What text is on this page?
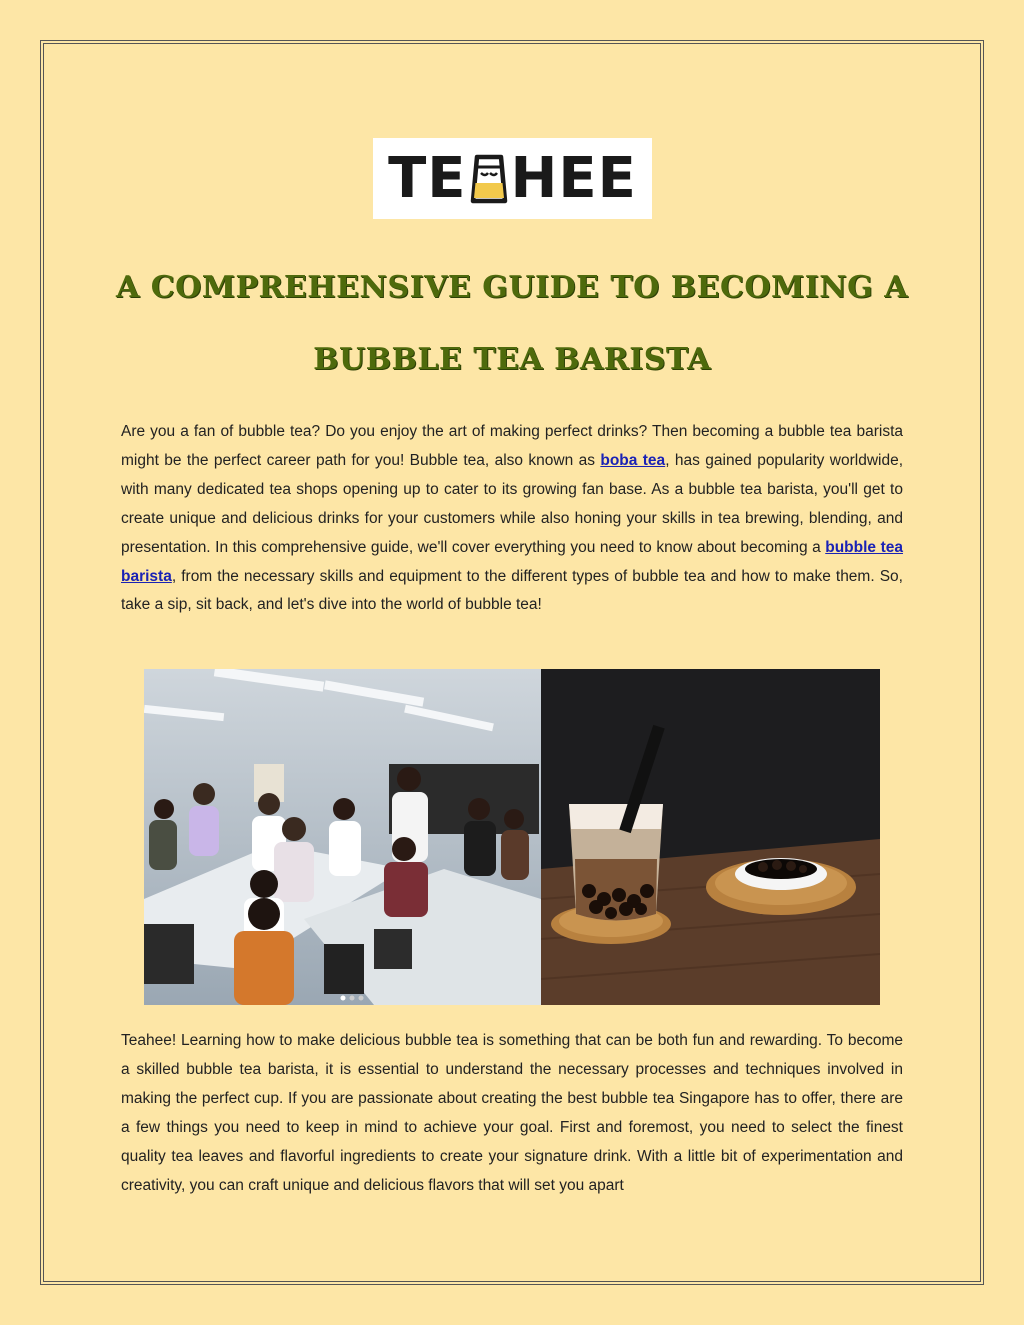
TE HEE
A COMPREHENSIVE GUIDE TO BECOMING A
BUBBLE TEA BARISTA
Are you a fan of bubble tea? Do you enjoy the art of making perfect drinks? Then becoming a bubble tea barista might be the perfect career path for you! Bubble tea, also known as boba tea, has gained popularity worldwide, with many dedicated tea shops opening up to cater to its growing fan base. As a bubble tea barista, you'll get to create unique and delicious drinks for your customers while also honing your skills in tea brewing, blending, and presentation. In this comprehensive guide, we'll cover everything you need to know about becoming a bubble tea barista, from the necessary skills and equipment to the different types of bubble tea and how to make them. So, take a sip, sit back, and let's dive into the world of bubble tea!
Teahee! Learning how to make delicious bubble tea is something that can be both fun and rewarding. To become a skilled bubble tea barista, it is essential to understand the necessary processes and techniques involved in making the perfect cup. If you are passionate about creating the best bubble tea Singapore has to offer, there are a few things you need to keep in mind to achieve your goal. First and foremost, you need to select the finest quality tea leaves and flavorful ingredients to create your signature drink. With a little bit of experimentation and creativity, you can craft unique and delicious flavors that will set you apart
